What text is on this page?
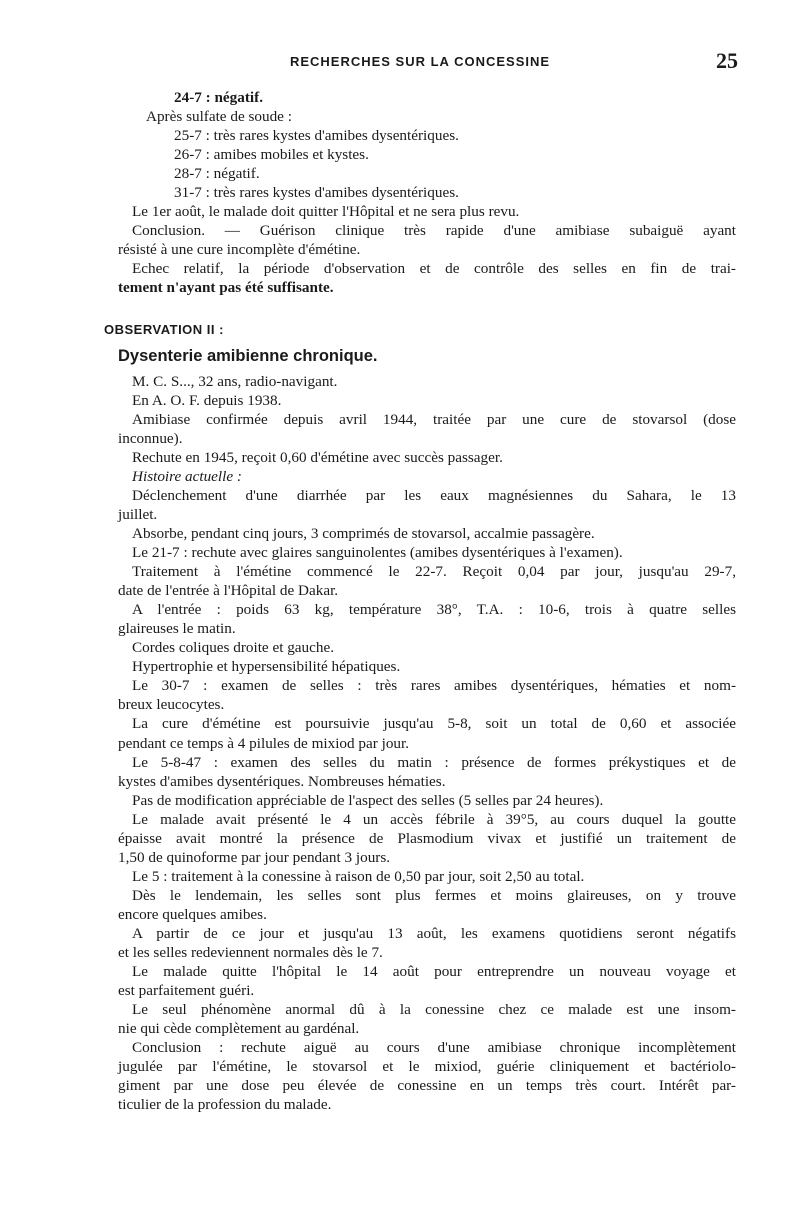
RECHERCHES SUR LA CONCESSINE	25
24-7 : négatif.
Après sulfate de soude :
25-7 : très rares kystes d'amibes dysentériques.
26-7 : amibes mobiles et kystes.
28-7 : négatif.
31-7 : très rares kystes d'amibes dysentériques.
Le 1er août, le malade doit quitter l'Hôpital et ne sera plus revu.
Conclusion. — Guérison clinique très rapide d'une amibiase subaiguë ayant
résisté à une cure incomplète d'émétine.
Echec relatif, la période d'observation et de contrôle des selles en fin de trai-
tement n'ayant pas été suffisante.
OBSERVATION II :
Dysenterie amibienne chronique.
M. C. S..., 32 ans, radio-navigant.
En A. O. F. depuis 1938.
Amibiase confirmée depuis avril 1944, traitée par une cure de stovarsol (dose
inconnue).
Rechute en 1945, reçoit 0,60 d'émétine avec succès passager.
Histoire actuelle :
Déclenchement d'une diarrhée par les eaux magnésiennes du Sahara, le 13
juillet.
Absorbe, pendant cinq jours, 3 comprimés de stovarsol, accalmie passagère.
Le 21-7 : rechute avec glaires sanguinolentes (amibes dysentériques à l'examen).
Traitement à l'émétine commencé le 22-7. Reçoit 0,04 par jour, jusqu'au 29-7,
date de l'entrée à l'Hôpital de Dakar.
A l'entrée : poids 63 kg, température 38°, T.A. : 10-6, trois à quatre selles
glaireuses le matin.
Cordes coliques droite et gauche.
Hypertrophie et hypersensibilité hépatiques.
Le 30-7 : examen de selles : très rares amibes dysentériques, hématies et nom-
breux leucocytes.
La cure d'émétine est poursuivie jusqu'au 5-8, soit un total de 0,60 et associée
pendant ce temps à 4 pilules de mixiod par jour.
Le 5-8-47 : examen des selles du matin : présence de formes prékystiques et de
kystes d'amibes dysentériques. Nombreuses hématies.
Pas de modification appréciable de l'aspect des selles (5 selles par 24 heures).
Le malade avait présenté le 4 un accès fébrile à 39°5, au cours duquel la goutte
épaisse avait montré la présence de Plasmodium vivax et justifié un traitement de
1,50 de quinoforme par jour pendant 3 jours.
Le 5 : traitement à la conessine à raison de 0,50 par jour, soit 2,50 au total.
Dès le lendemain, les selles sont plus fermes et moins glaireuses, on y trouve
encore quelques amibes.
A partir de ce jour et jusqu'au 13 août, les examens quotidiens seront négatifs
et les selles redeviennent normales dès le 7.
Le malade quitte l'hôpital le 14 août pour entreprendre un nouveau voyage et
est parfaitement guéri.
Le seul phénomène anormal dû à la conessine chez ce malade est une insom-
nie qui cède complètement au gardénal.
Conclusion : rechute aiguë au cours d'une amibiase chronique incomplètement
jugulée par l'émétine, le stovarsol et le mixiod, guérie cliniquement et bactériolo-
giment par une dose peu élevée de conessine en un temps très court. Intérêt par-
ticulier de la profession du malade.
